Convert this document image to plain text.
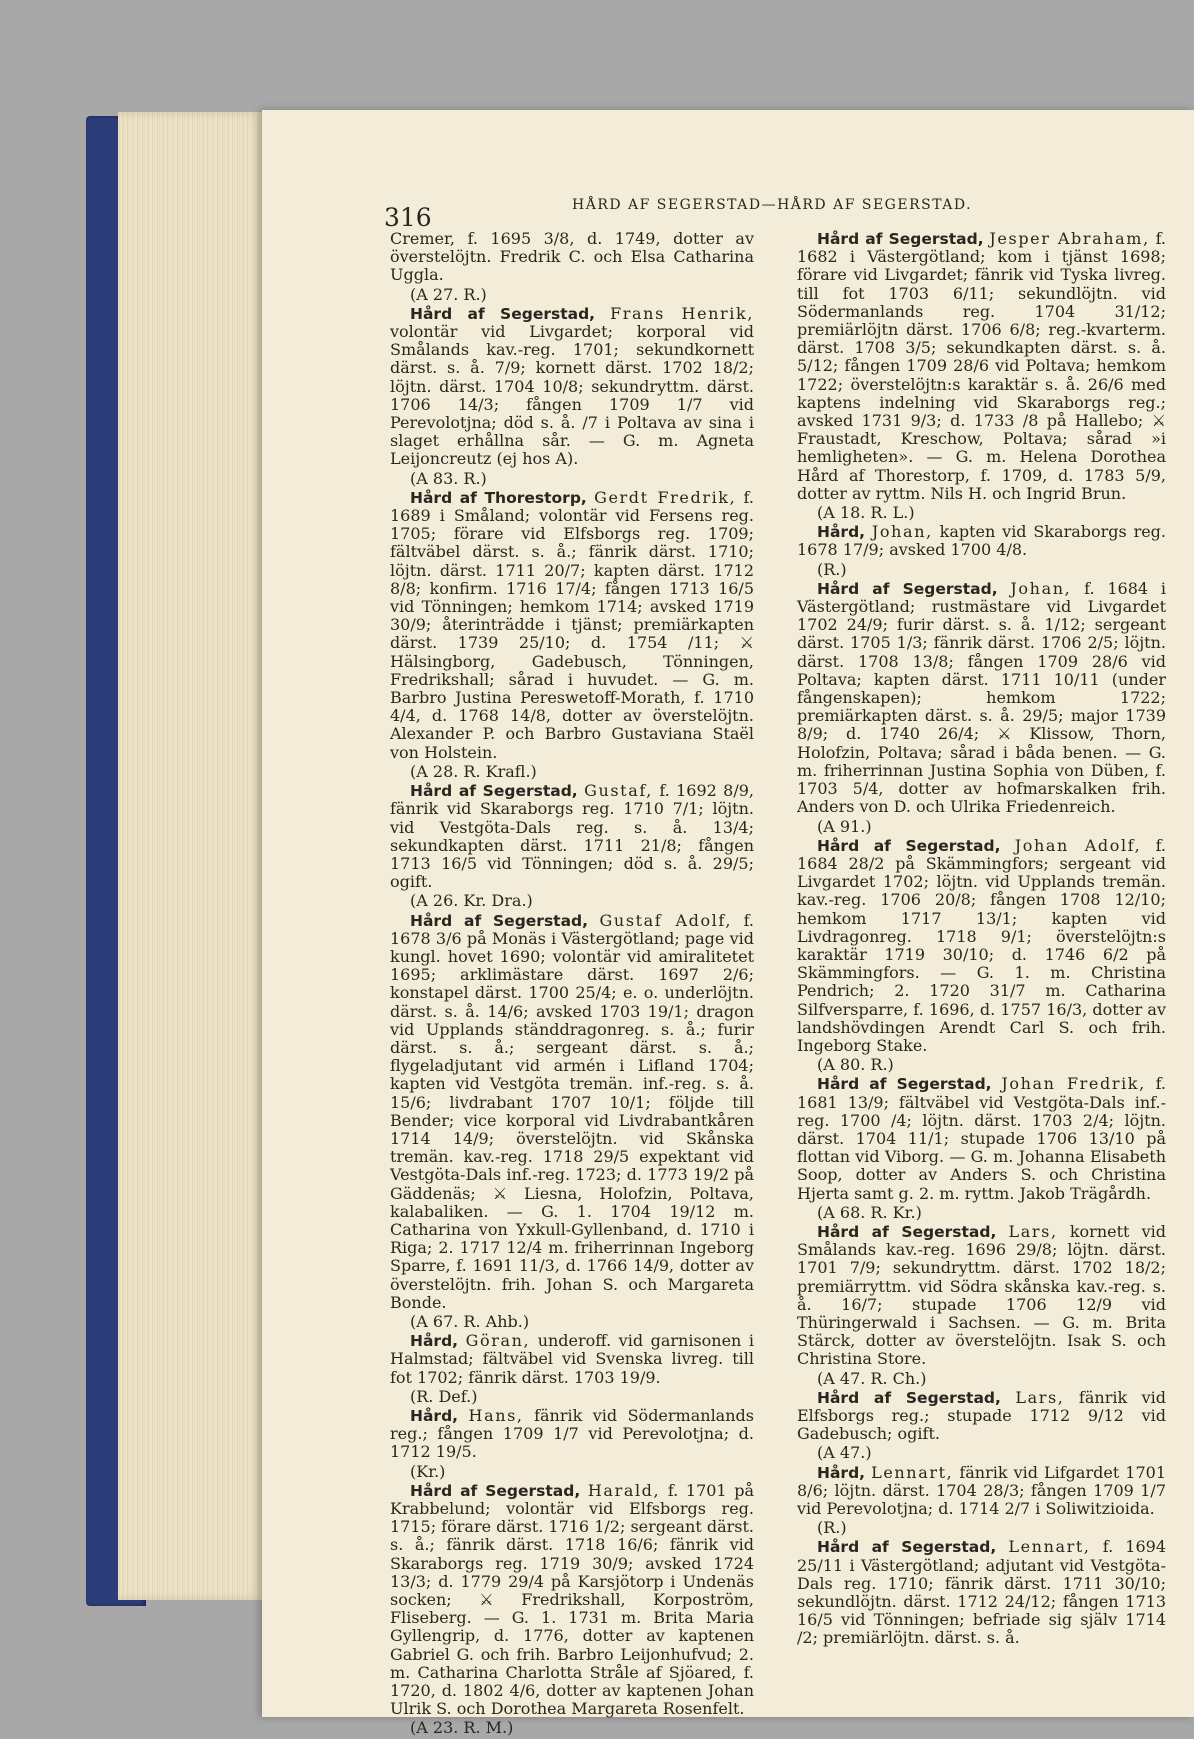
316	HÅRD AF SEGERSTAD—HÅRD AF SEGERSTAD.

Cremer, f. 1695 3/8, d. 1749, dotter av överstelöjtn. Fredrik C. och Elsa Catharina Uggla.

(A 27. R.)

Hård af Segerstad, Frans Henrik, volontär vid Livgardet; korporal vid Smålands kav.-reg. 1701; sekundkornett därst. s. å. 7/9; kornett därst. 1702 18/2; löjtn. därst. 1704 10/8; sekundryttm. därst. 1706 14/3; fången 1709 1/7 vid Perevolotjna; död s. å. /7 i Poltava av sina i slaget erhållna sår. — G. m. Agneta Leijoncreutz (ej hos A).

(A 83. R.)

Hård af Thorestorp, Gerdt Fredrik, f. 1689 i Småland; volontär vid Fersens reg. 1705; förare vid Elfsborgs reg. 1709; fältväbel därst. s. å.; fänrik därst. 1710; löjtn. därst. 1711 20/7; kapten därst. 1712 8/8; konfirm. 1716 17/4; fången 1713 16/5 vid Tönningen; hemkom 1714; avsked 1719 30/9; återinträdde i tjänst; premiärkapten därst. 1739 25/10; d. 1754 /11; ⚔ Hälsingborg, Gadebusch, Tönningen, Fredrikshall; sårad i huvudet. — G. m. Barbro Justina Pereswetoff-Morath, f. 1710 4/4, d. 1768 14/8, dotter av överstelöjtn. Alexander P. och Barbro Gustaviana Staël von Holstein.

(A 28. R. Krafl.)

Hård af Segerstad, Gustaf, f. 1692 8/9, fänrik vid Skaraborgs reg. 1710 7/1; löjtn. vid Vestgöta-Dals reg. s. å. 13/4; sekundkapten därst. 1711 21/8; fången 1713 16/5 vid Tönningen; död s. å. 29/5; ogift.

(A 26. Kr. Dra.)

Hård af Segerstad, Gustaf Adolf, f. 1678 3/6 på Monäs i Västergötland; page vid kungl. hovet 1690; volontär vid amiralitetet 1695; arklimästare därst. 1697 2/6; konstapel därst. 1700 25/4; e. o. underlöjtn. därst. s. å. 14/6; avsked 1703 19/1; dragon vid Upplands ständdragonreg. s. å.; furir därst. s. å.; sergeant därst. s. å.; flygeladjutant vid armén i Lifland 1704; kapten vid Vestgöta tremän. inf.-reg. s. å. 15/6; livdrabant 1707 10/1; följde till Bender; vice korporal vid Livdrabantkåren 1714 14/9; överstelöjtn. vid Skånska tremän. kav.-reg. 1718 29/5 expektant vid Vestgöta-Dals inf.-reg. 1723; d. 1773 19/2 på Gäddenäs; ⚔ Liesna, Holofzin, Poltava, kalabaliken. — G. 1. 1704 19/12 m. Catharina von Yxkull-Gyllenband, d. 1710 i Riga; 2. 1717 12/4 m. friherrinnan Ingeborg Sparre, f. 1691 11/3, d. 1766 14/9, dotter av överstelöjtn. frih. Johan S. och Margareta Bonde.

(A 67. R. Ahb.)

Hård, Göran, underoff. vid garnisonen i Halmstad; fältväbel vid Svenska livreg. till fot 1702; fänrik därst. 1703 19/9.

(R. Def.)

Hård, Hans, fänrik vid Södermanlands reg.; fången 1709 1/7 vid Perevolotjna; d. 1712 19/5.

(Kr.)

Hård af Segerstad, Harald, f. 1701 på Krabbelund; volontär vid Elfsborgs reg. 1715; förare därst. 1716 1/2; sergeant därst. s. å.; fänrik därst. 1718 16/6; fänrik vid Skaraborgs reg. 1719 30/9; avsked 1724 13/3; d. 1779 29/4 på Karsjötorp i Undenäs socken; ⚔ Fredrikshall, Korpoström, Fliseberg. — G. 1. 1731 m. Brita Maria Gyllengrip, d. 1776, dotter av kaptenen Gabriel G. och frih. Barbro Leijonhufvud; 2. m. Catharina Charlotta Stråle af Sjöared, f. 1720, d. 1802 4/6, dotter av kaptenen Johan Ulrik S. och Dorothea Margareta Rosenfelt.

(A 23. R. M.)

Hård af Segerstad, Jesper Abraham, f. 1682 i Västergötland; kom i tjänst 1698; förare vid Livgardet; fänrik vid Tyska livreg. till fot 1703 6/11; sekundlöjtn. vid Södermanlands reg. 1704 31/12; premiärlöjtn därst. 1706 6/8; reg.-kvarterm. därst. 1708 3/5; sekundkapten därst. s. å. 5/12; fången 1709 28/6 vid Poltava; hemkom 1722; överstelöjtn:s karaktär s. å. 26/6 med kaptens indelning vid Skaraborgs reg.; avsked 1731 9/3; d. 1733 /8 på Hallebo; ⚔ Fraustadt, Kreschow, Poltava; sårad »i hemligheten». — G. m. Helena Dorothea Hård af Thorestorp, f. 1709, d. 1783 5/9, dotter av ryttm. Nils H. och Ingrid Brun.

(A 18. R. L.)

Hård, Johan, kapten vid Skaraborgs reg. 1678 17/9; avsked 1700 4/8.

(R.)

Hård af Segerstad, Johan, f. 1684 i Västergötland; rustmästare vid Livgardet 1702 24/9; furir därst. s. å. 1/12; sergeant därst. 1705 1/3; fänrik därst. 1706 2/5; löjtn. därst. 1708 13/8; fången 1709 28/6 vid Poltava; kapten därst. 1711 10/11 (under fångenskapen); hemkom 1722; premiärkapten därst. s. å. 29/5; major 1739 8/9; d. 1740 26/4; ⚔ Klissow, Thorn, Holofzin, Poltava; sårad i båda benen. — G. m. friherrinnan Justina Sophia von Düben, f. 1703 5/4, dotter av hofmarskalken frih. Anders von D. och Ulrika Friedenreich.

(A 91.)

Hård af Segerstad, Johan Adolf, f. 1684 28/2 på Skämmingfors; sergeant vid Livgardet 1702; löjtn. vid Upplands tremän. kav.-reg. 1706 20/8; fången 1708 12/10; hemkom 1717 13/1; kapten vid Livdragonreg. 1718 9/1; överstelöjtn:s karaktär 1719 30/10; d. 1746 6/2 på Skämmingfors. — G. 1. m. Christina Pendrich; 2. 1720 31/7 m. Catharina Silfversparre, f. 1696, d. 1757 16/3, dotter av landshövdingen Arendt Carl S. och frih. Ingeborg Stake.

(A 80. R.)

Hård af Segerstad, Johan Fredrik, f. 1681 13/9; fältväbel vid Vestgöta-Dals inf.-reg. 1700 /4; löjtn. därst. 1703 2/4; löjtn. därst. 1704 11/1; stupade 1706 13/10 på flottan vid Viborg. — G. m. Johanna Elisabeth Soop, dotter av Anders S. och Christina Hjerta samt g. 2. m. ryttm. Jakob Trägårdh.

(A 68. R. Kr.)

Hård af Segerstad, Lars, kornett vid Smålands kav.-reg. 1696 29/8; löjtn. därst. 1701 7/9; sekundryttm. därst. 1702 18/2; premiärryttm. vid Södra skånska kav.-reg. s. å. 16/7; stupade 1706 12/9 vid Thüringerwald i Sachsen. — G. m. Brita Stärck, dotter av överstelöjtn. Isak S. och Christina Store.

(A 47. R. Ch.)

Hård af Segerstad, Lars, fänrik vid Elfsborgs reg.; stupade 1712 9/12 vid Gadebusch; ogift.

(A 47.)

Hård, Lennart, fänrik vid Lifgardet 1701 8/6; löjtn. därst. 1704 28/3; fången 1709 1/7 vid Perevolotjna; d. 1714 2/7 i Soliwitzioida.

(R.)

Hård af Segerstad, Lennart, f. 1694 25/11 i Västergötland; adjutant vid Vestgöta-Dals reg. 1710; fänrik därst. 1711 30/10; sekundlöjtn. därst. 1712 24/12; fången 1713 16/5 vid Tönningen; befriade sig själv 1714 /2; premiärlöjtn. därst. s. å.
